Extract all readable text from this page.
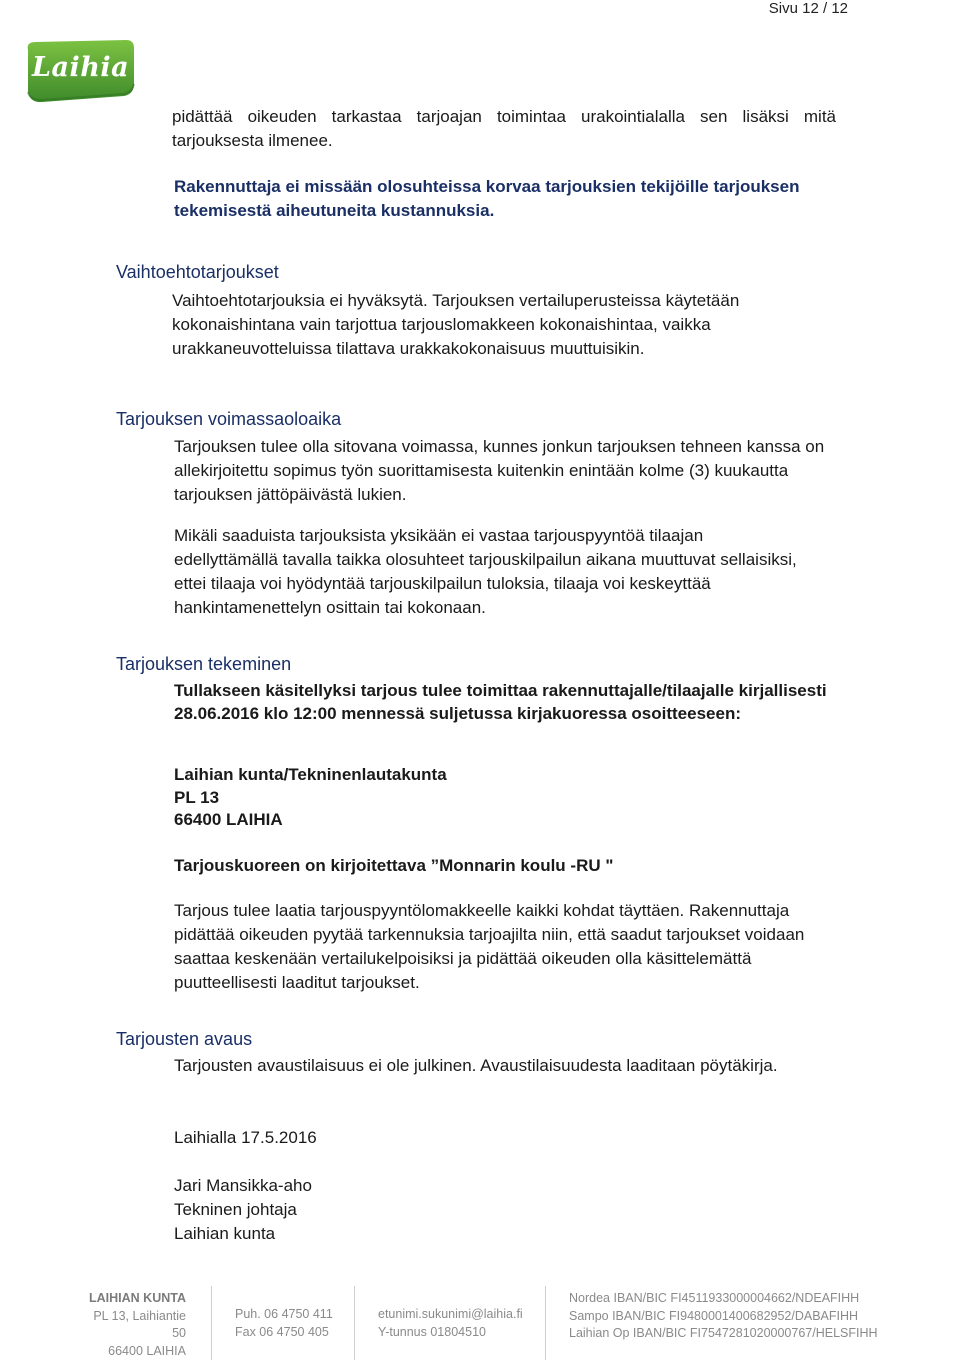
Sivu 12 / 12
Laihia

pidättää oikeuden tarkastaa tarjoajan toimintaa urakointialalla sen lisäksi mitä tarjouksesta ilmenee.

Rakennuttaja ei missään olosuhteissa korvaa tarjouksien tekijöille tarjouksen tekemisestä aiheutuneita kustannuksia.

Vaihtoehtotarjoukset

Vaihtoehtotarjouksia ei hyväksytä. Tarjouksen vertailuperusteissa käytetään kokonaishintana vain tarjottua tarjouslomakkeen kokonaishintaa, vaikka urakkaneuvotteluissa tilattava urakkakokonaisuus muuttuisikin.

Tarjouksen voimassaoloaika

Tarjouksen tulee olla sitovana voimassa, kunnes jonkun tarjouksen tehneen kanssa on allekirjoitettu sopimus työn suorittamisesta kuitenkin enintään kolme (3) kuukautta tarjouksen jättöpäivästä lukien.

Mikäli saaduista tarjouksista yksikään ei vastaa tarjouspyyntöä tilaajan edellyttämällä tavalla taikka olosuhteet tarjouskilpailun aikana muuttuvat sellaisiksi, ettei tilaaja voi hyödyntää tarjouskilpailun tuloksia, tilaaja voi keskeyttää hankintamenettelyn osittain tai kokonaan.

Tarjouksen tekeminen

Tullakseen käsitellyksi tarjous tulee toimittaa rakennuttajalle/tilaajalle kirjallisesti 28.06.2016 klo 12:00 mennessä suljetussa kirjakuoressa osoitteeseen:

Laihian kunta/Tekninenlautakunta
PL 13
66400 LAIHIA

Tarjouskuoreen on kirjoitettava ”Monnarin koulu -RU "

Tarjous tulee laatia tarjouspyyntölomakkeelle kaikki kohdat täyttäen. Rakennuttaja pidättää oikeuden pyytää tarkennuksia tarjoajilta niin, että saadut tarjoukset voidaan saattaa keskenään vertailukelpoisiksi ja pidättää oikeuden olla käsittelemättä puutteellisesti laaditut tarjoukset.

Tarjousten avaus

Tarjousten avaustilaisuus ei ole julkinen. Avaustilaisuudesta laaditaan pöytäkirja.

Laihialla 17.5.2016

Jari Mansikka-aho
Tekninen johtaja
Laihian kunta
LAIHIAN KUNTA
PL 13, Laihiantie 50
66400 LAIHIA
Puh. 06 4750 411
Fax 06 4750 405
etunimi.sukunimi@laihia.fi
Y-tunnus 01804510
Nordea IBAN/BIC FI4511933000004662/NDEAFIHH
Sampo IBAN/BIC FI9480001400682952/DABAFIHH
Laihian Op IBAN/BIC FI7547281020000767/HELSFIHH
